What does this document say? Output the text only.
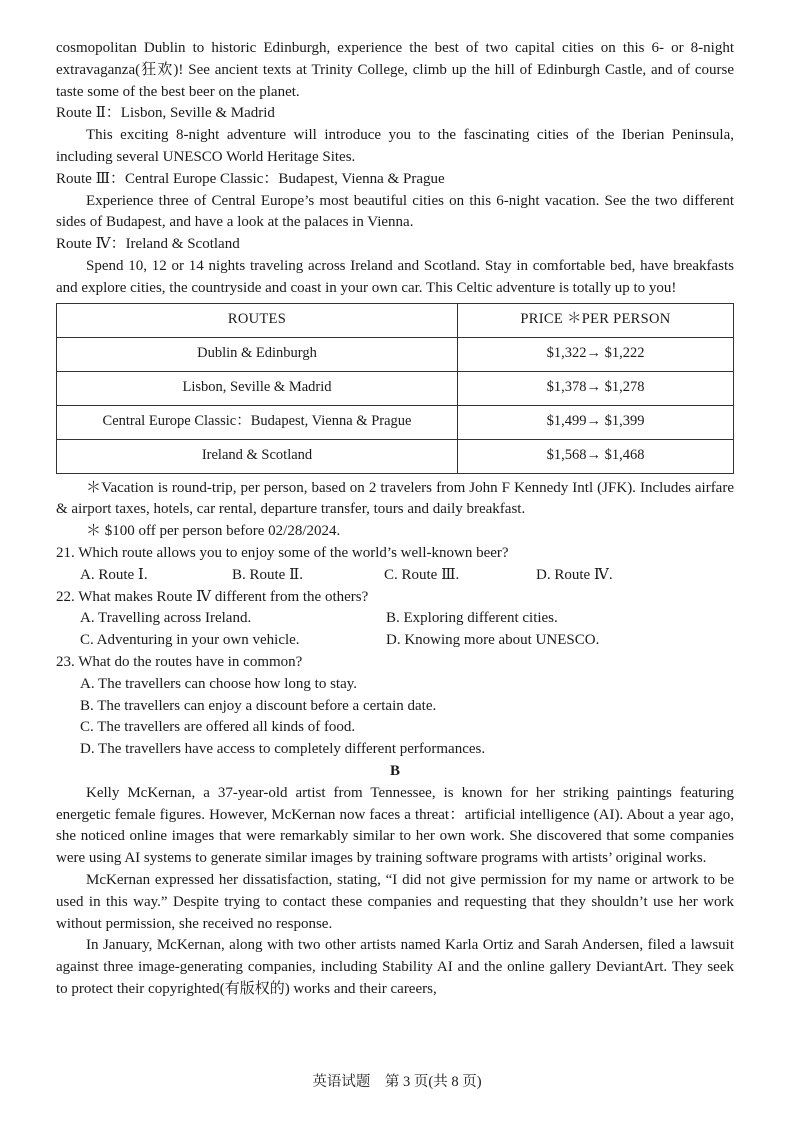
cosmopolitan Dublin to historic Edinburgh, experience the best of two capital cities on this 6- or 8-night extravaganza(狂欢)! See ancient texts at Trinity College, climb up the hill of Edinburgh Castle, and of course taste some of the best beer on the planet.

Route Ⅱ：Lisbon, Seville & Madrid

This exciting 8-night adventure will introduce you to the fascinating cities of the Iberian Peninsula, including several UNESCO World Heritage Sites.

Route Ⅲ：Central Europe Classic：Budapest, Vienna & Prague

Experience three of Central Europe’s most beautiful cities on this 6-night vacation. See the two different sides of Budapest, and have a look at the palaces in Vienna.

Route Ⅳ：Ireland & Scotland

Spend 10, 12 or 14 nights traveling across Ireland and Scotland. Stay in comfortable bed, have breakfasts and explore cities, the countryside and coast in your own car. This Celtic adventure is totally up to you!

ROUTES	PRICE ＊PER PERSON
Dublin & Edinburgh	$1,322→ $1,222
Lisbon, Seville & Madrid	$1,378→ $1,278
Central Europe Classic：Budapest, Vienna & Prague	$1,499→ $1,399
Ireland & Scotland	$1,568→ $1,468

＊Vacation is round-trip, per person, based on 2 travelers from John F Kennedy Intl (JFK). Includes airfare & airport taxes, hotels, car rental, departure transfer, tours and daily breakfast.

＊ $100 off per person before 02/28/2024.

21. Which route allows you to enjoy some of the world’s well-known beer?
A. Route Ⅰ.	B. Route Ⅱ.	C. Route Ⅲ.	D. Route Ⅳ.
22. What makes Route Ⅳ different from the others?
A. Travelling across Ireland.	B. Exploring different cities.
C. Adventuring in your own vehicle.	D. Knowing more about UNESCO.
23. What do the routes have in common?
A. The travellers can choose how long to stay.
B. The travellers can enjoy a discount before a certain date.
C. The travellers are offered all kinds of food.
D. The travellers have access to completely different performances.
B

Kelly McKernan, a 37-year-old artist from Tennessee, is known for her striking paintings featuring energetic female figures. However, McKernan now faces a threat：artificial intelligence (AI). About a year ago, she noticed online images that were remarkably similar to her own work. She discovered that some companies were using AI systems to generate similar images by training software programs with artists’ original works.

McKernan expressed her dissatisfaction, stating, “I did not give permission for my name or artwork to be used in this way.” Despite trying to contact these companies and requesting that they shouldn’t use her work without permission, she received no response.

In January, McKernan, along with two other artists named Karla Ortiz and Sarah Andersen, filed a lawsuit against three image-generating companies, including Stability AI and the online gallery DeviantArt. They seek to protect their copyrighted(有版权的) works and their careers,

英语试题　第 3 页(共 8 页)
